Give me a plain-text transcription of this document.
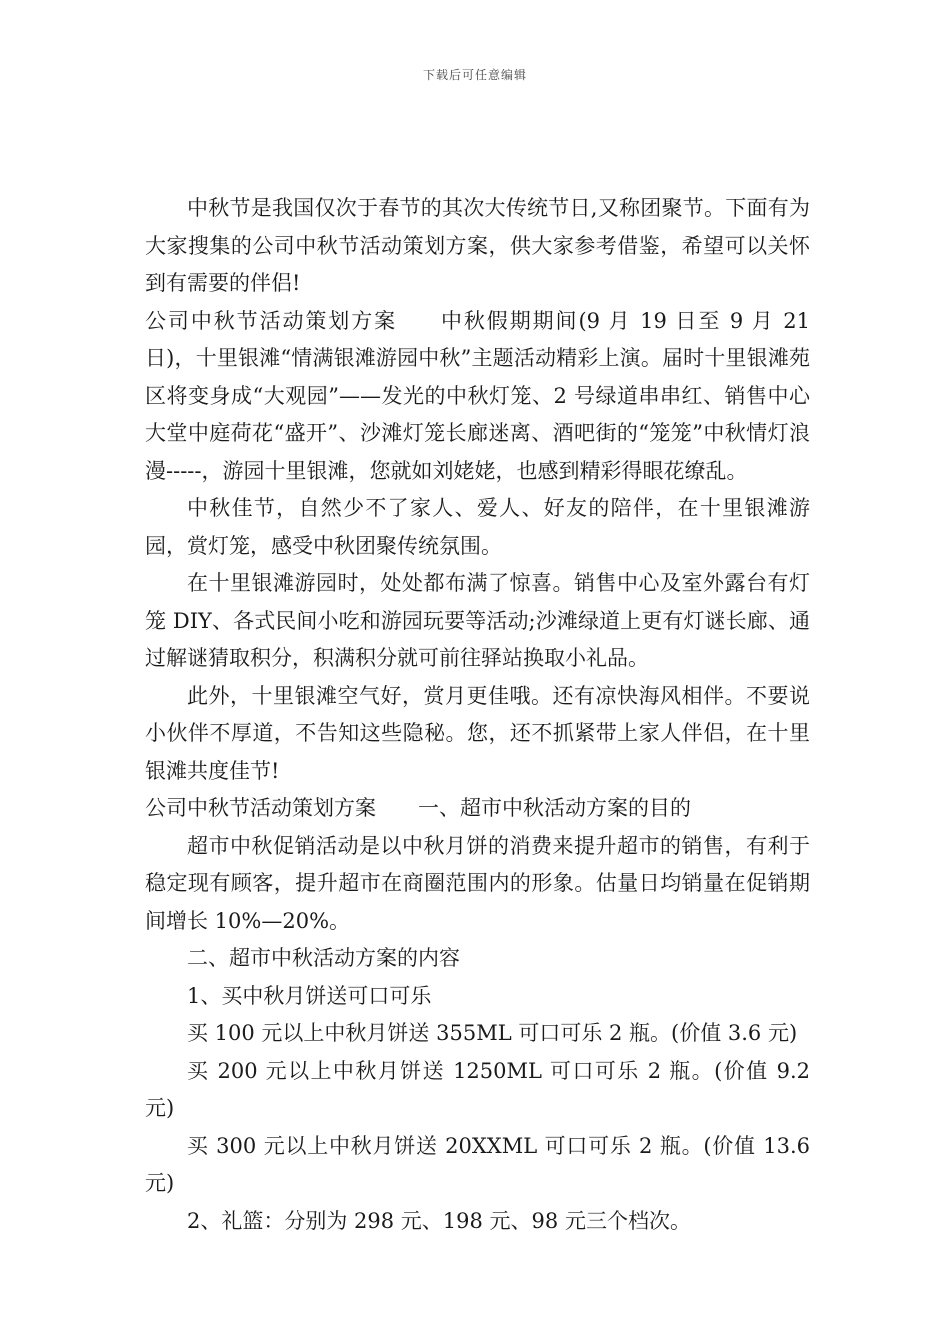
下载后可任意编辑

中秋节是我国仅次于春节的其次大传统节日,又称团聚节。下面有为大家搜集的公司中秋节活动策划方案，供大家参考借鉴，希望可以关怀到有需要的伴侣!

公司中秋节活动策划方案 中秋假期期间(9 月 19 日至 9 月 21 日)，十里银滩“情满银滩游园中秋”主题活动精彩上演。届时十里银滩苑区将变身成“大观园”——发光的中秋灯笼、2 号绿道串串红、销售中心大堂中庭荷花“盛开”、沙滩灯笼长廊迷离、酒吧街的“笼笼”中秋情灯浪漫-----，游园十里银滩，您就如刘姥姥，也感到精彩得眼花缭乱。

中秋佳节，自然少不了家人、爱人、好友的陪伴，在十里银滩游园，赏灯笼，感受中秋团聚传统氛围。

在十里银滩游园时，处处都布满了惊喜。销售中心及室外露台有灯笼 DIY、各式民间小吃和游园玩要等活动;沙滩绿道上更有灯谜长廊、通过解谜猜取积分，积满积分就可前往驿站换取小礼品。

此外，十里银滩空气好，赏月更佳哦。还有凉快海风相伴。不要说小伙伴不厚道，不告知这些隐秘。您，还不抓紧带上家人伴侣，在十里银滩共度佳节!

公司中秋节活动策划方案 一、超市中秋活动方案的目的

超市中秋促销活动是以中秋月饼的消费来提升超市的销售，有利于稳定现有顾客，提升超市在商圈范围内的形象。估量日均销量在促销期间增长 10%—20%。

二、超市中秋活动方案的内容

1、买中秋月饼送可口可乐

买 100 元以上中秋月饼送 355ML 可口可乐 2 瓶。(价值 3.6 元)

买 200 元以上中秋月饼送 1250ML 可口可乐 2 瓶。(价值 9.2 元)

买 300 元以上中秋月饼送 20XXML 可口可乐 2 瓶。(价值 13.6 元)

2、礼篮：分别为 298 元、198 元、98 元三个档次。
